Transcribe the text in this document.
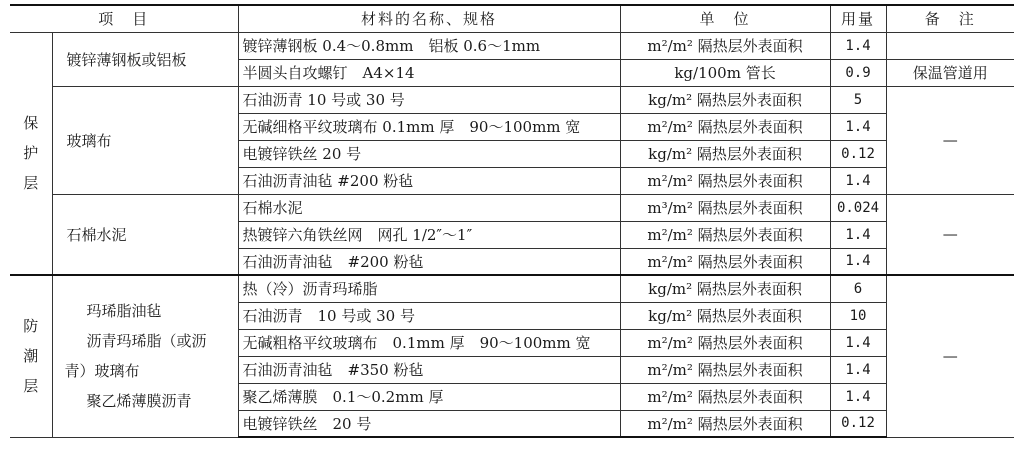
项　目		材料的名称、规格	单　位	用量	备　注

保
护
层	镀锌薄钢板或铝板	镀锌薄钢板 0.4～0.8mm　铝板 0.6～1mm	m²/m² 隔热层外表面积	1.4	
		半圆头自攻螺钉　A4×14	kg/100m 管长	0.9	保温管道用
	玻璃布	石油沥青 10 号或 30 号	kg/m² 隔热层外表面积	5	—
		无碱细格平纹玻璃布 0.1mm 厚　90～100mm 宽	m²/m² 隔热层外表面积	1.4	
		电镀锌铁丝 20 号	kg/m² 隔热层外表面积	0.12	
		石油沥青油毡 #200 粉毡	m²/m² 隔热层外表面积	1.4	
	石棉水泥	石棉水泥	m³/m² 隔热层外表面积	0.024	—
		热镀锌六角铁丝网　网孔 1/2″～1″	m²/m² 隔热层外表面积	1.4	
		石油沥青油毡　#200 粉毡	m²/m² 隔热层外表面积	1.4	

防
潮
层	玛琋脂油毡
沥青玛琋脂（或沥
青）玻璃布
聚乙烯薄膜沥青	热（冷）沥青玛琋脂	kg/m² 隔热层外表面积	6	—
		石油沥青　10 号或 30 号	kg/m² 隔热层外表面积	10	
		无碱粗格平纹玻璃布　0.1mm 厚　90～100mm 宽	m²/m² 隔热层外表面积	1.4	
		石油沥青油毡　#350 粉毡	m²/m² 隔热层外表面积	1.4	
		聚乙烯薄膜　0.1～0.2mm 厚	m²/m² 隔热层外表面积	1.4	
		电镀锌铁丝　20 号	m²/m² 隔热层外表面积	0.12	
